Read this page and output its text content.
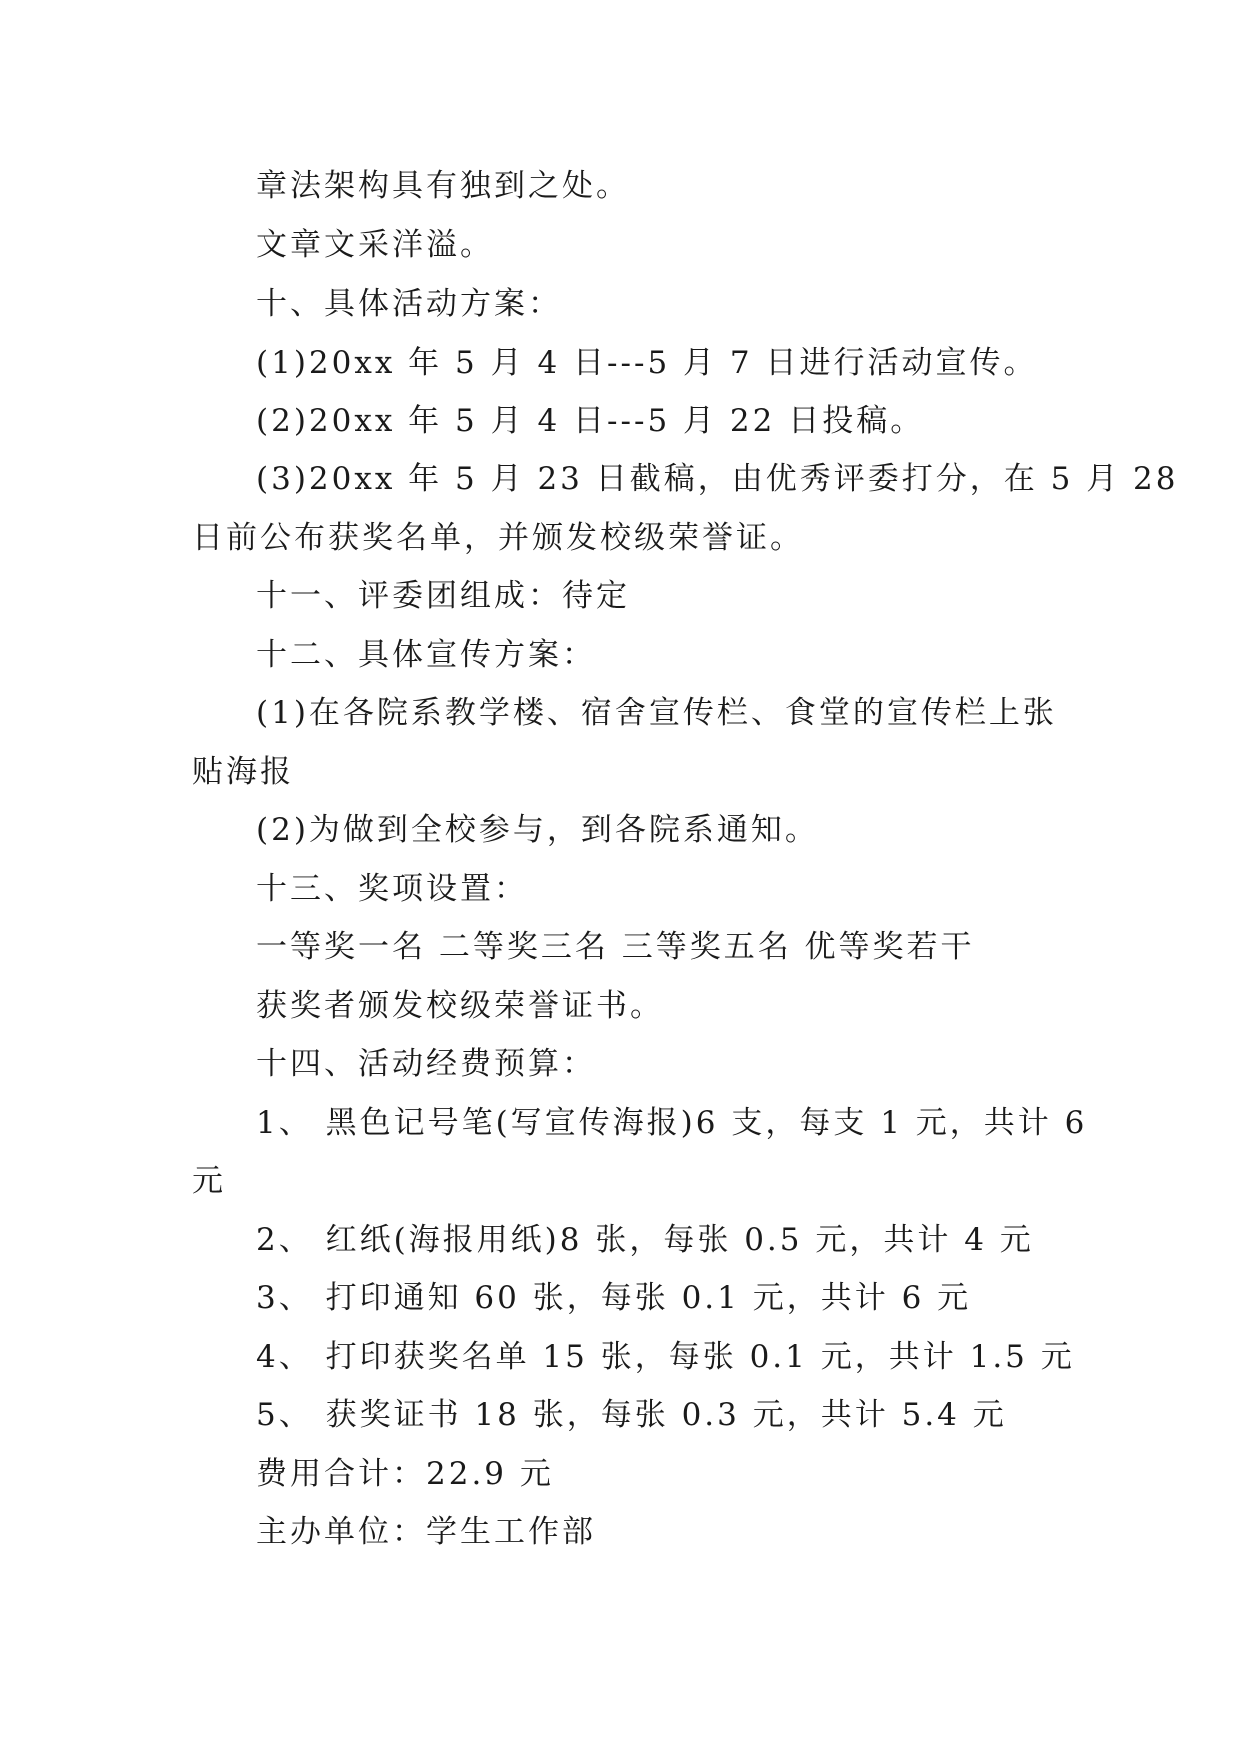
章法架构具有独到之处。
文章文采洋溢。
十、具体活动方案：
(1)20xx 年 5 月 4 日---5 月 7 日进行活动宣传。
(2)20xx 年 5 月 4 日---5 月 22 日投稿。
(3)20xx 年 5 月 23 日截稿，由优秀评委打分，在 5 月 28
日前公布获奖名单，并颁发校级荣誉证。
十一、评委团组成：待定
十二、具体宣传方案：
(1)在各院系教学楼、宿舍宣传栏、食堂的宣传栏上张
贴海报
(2)为做到全校参与，到各院系通知。
十三、奖项设置：
一等奖一名 二等奖三名 三等奖五名 优等奖若干
获奖者颁发校级荣誉证书。
十四、活动经费预算：
1、 黑色记号笔(写宣传海报)6 支，每支 1 元，共计 6
元
2、 红纸(海报用纸)8 张，每张 0.5 元，共计 4 元
3、 打印通知 60 张，每张 0.1 元，共计 6 元
4、 打印获奖名单 15 张，每张 0.1 元，共计 1.5 元
5、 获奖证书 18 张，每张 0.3 元，共计 5.4 元
费用合计：22.9 元
主办单位：学生工作部
